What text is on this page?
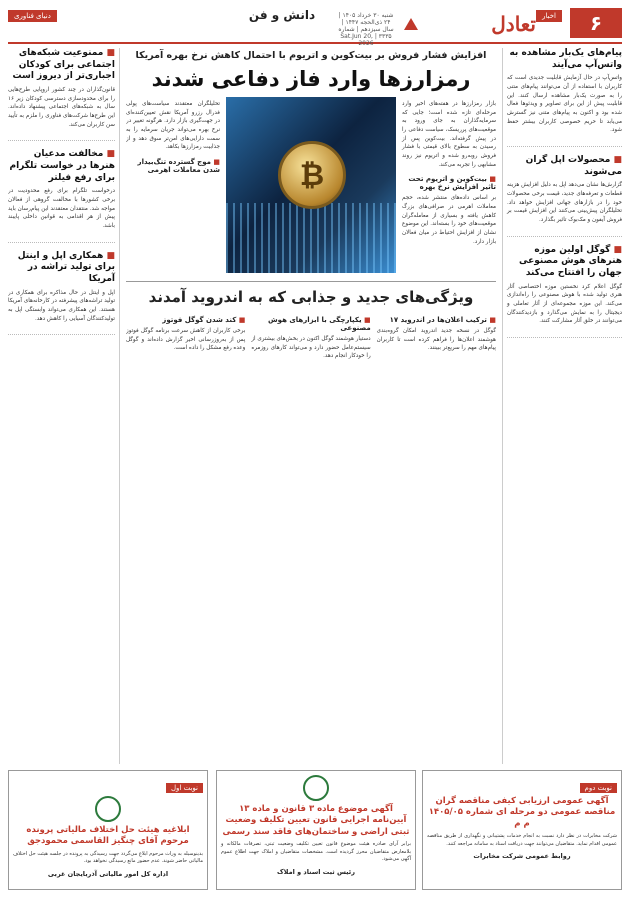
۶
اخبار
تعادل
شنبه ۳۰ خرداد ۱۴۰۵ | ۲۴ ذی‌الحجه ۱۴۴۷ | سال سیزدهم | شماره ۳۳۳۵ | Sat.Jun 20, 2026
دانش و فن
دنیای فناوری
پیام‌های یک‌بار مشاهده به واتس‌آپ می‌آیند

واتس‌آپ در حال آزمایش قابلیت جدیدی است که کاربران با استفاده از آن می‌توانند پیام‌های متنی را به صورت یک‌بار مشاهده ارسال کنند. این قابلیت پیش از این برای تصاویر و ویدئوها فعال شده بود و اکنون به پیام‌های متنی نیز گسترش می‌یابد تا حریم خصوصی کاربران بیشتر حفظ شود.

■ محصولات اپل گران می‌شوند

گزارش‌ها نشان می‌دهد اپل به دلیل افزایش هزینه قطعات و تعرفه‌های جدید، قیمت برخی محصولات خود را در بازارهای جهانی افزایش خواهد داد. تحلیلگران پیش‌بینی می‌کنند این افزایش قیمت بر فروش آیفون و مک‌بوک تاثیر بگذارد.

■ گوگل اولین موزه هنرهای هوش مصنوعی جهان را افتتاح می‌کند

گوگل اعلام کرد نخستین موزه اختصاصی آثار هنری تولید شده با هوش مصنوعی را راه‌اندازی می‌کند. این موزه مجموعه‌ای از آثار تعاملی و دیجیتال را به نمایش می‌گذارد و بازدیدکنندگان می‌توانند در خلق آثار مشارکت کنند.

■ ممنوعیت شبکه‌های اجتماعی برای کودکان اجباری‌تر از دیروز است

قانون‌گذاران در چند کشور اروپایی طرح‌هایی را برای محدودسازی دسترسی کودکان زیر ۱۶ سال به شبکه‌های اجتماعی پیشنهاد داده‌اند. این طرح‌ها شرکت‌های فناوری را ملزم به تأیید سن کاربران می‌کند.

■ مخالفت مدعیان هنرها در خواست تلگرام برای رفع فیلتر

درخواست تلگرام برای رفع محدودیت در برخی کشورها با مخالفت گروهی از فعالان مواجه شد. منتقدان معتقدند این پیام‌رسان باید پیش از هر اقدامی به قوانین داخلی پایبند باشد.

■ همکاری اپل و اینتل برای تولید تراشه در آمریکا

اپل و اینتل در حال مذاکره برای همکاری در تولید تراشه‌های پیشرفته در کارخانه‌های آمریکا هستند. این همکاری می‌تواند وابستگی اپل به تولیدکنندگان آسیایی را کاهش دهد.

افزایش فشار فروش بر بیت‌کوین و اتریوم با احتمال کاهش نرخ بهره آمریکا
رمزارزها وارد فاز دفاعی شدند

بازار رمزارزها در هفته‌های اخیر وارد مرحله‌ای تازه شده است؛ جایی که سرمایه‌گذاران به جای ورود به موقعیت‌های پرریسک، سیاست دفاعی را در پیش گرفته‌اند. بیت‌کوین پس از رسیدن به سطوح بالای قیمتی با فشار فروش روبه‌رو شده و اتریوم نیز روند مشابهی را تجربه می‌کند.

■ بیت‌کوین و اتریوم تحت تاثیر افزایش نرخ بهره

بر اساس داده‌های منتشر شده، حجم معاملات اهرمی در صرافی‌های بزرگ کاهش یافته و بسیاری از معامله‌گران موقعیت‌های خود را بسته‌اند. این موضوع نشان از افزایش احتیاط در میان فعالان بازار دارد.

₿

تحلیلگران معتقدند سیاست‌های پولی فدرال رزرو آمریکا نقش تعیین‌کننده‌ای در جهت‌گیری بازار دارد. هرگونه تغییر در نرخ بهره می‌تواند جریان سرمایه را به سمت دارایی‌های امن‌تر سوق دهد و از جذابیت رمزارزها بکاهد.

■ موج گسترده تنگ‌بیدار شدن معاملات اهرمی
ویژگی‌های جدید و جذابی که به اندروید آمدند
■ ترکیب اعلان‌ها در اندروید ۱۷

گوگل در نسخه جدید اندروید امکان گروه‌بندی هوشمند اعلان‌ها را فراهم کرده است تا کاربران پیام‌های مهم را سریع‌تر ببینند.

■ یکپارچگی با ابزارهای هوش مصنوعی

دستیار هوشمند گوگل اکنون در بخش‌های بیشتری از سیستم‌عامل حضور دارد و می‌تواند کارهای روزمره را خودکار انجام دهد.

■ کند شدن گوگل فوتوز

برخی کاربران از کاهش سرعت برنامه گوگل فوتوز پس از به‌روزرسانی اخیر گزارش داده‌اند و گوگل وعده رفع مشکل را داده است.

نوبت دوم
آگهی عمومی ارزیابی کیفی مناقصه گران مناقصه عمومی دو مرحله ای شماره ۱۴۰۵/۰۵ م م

شرکت مخابرات در نظر دارد نسبت به انجام خدمات پشتیبانی و نگهداری از طریق مناقصه عمومی اقدام نماید. متقاضیان می‌توانند جهت دریافت اسناد به سامانه مراجعه کنند.

روابط عمومی شرکت مخابرات
آگهی موضوع ماده ۳ قانون و ماده ۱۳ آیین‌نامه اجرایی قانون تعیین تکلیف وضعیت ثبتی اراضی و ساختمان‌های فاقد سند رسمی

برابر آرای صادره هیئت موضوع قانون تعیین تکلیف وضعیت ثبتی، تصرفات مالکانه و بلامعارض متقاضیان محرز گردیده است. مشخصات متقاضیان و املاک جهت اطلاع عموم آگهی می‌شود.

رئیس ثبت اسناد و املاک
نوبت اول
ابلاغیه هیئت حل اختلاف مالیاتی پرونده مرحوم آقای چنگیز القاسمی محمودجق

بدینوسیله به وراث مرحوم ابلاغ می‌گردد جهت رسیدگی به پرونده در جلسه هیئت حل اختلاف مالیاتی حاضر شوند. عدم حضور مانع رسیدگی نخواهد بود.

اداره کل امور مالیاتی آذربایجان غربی
